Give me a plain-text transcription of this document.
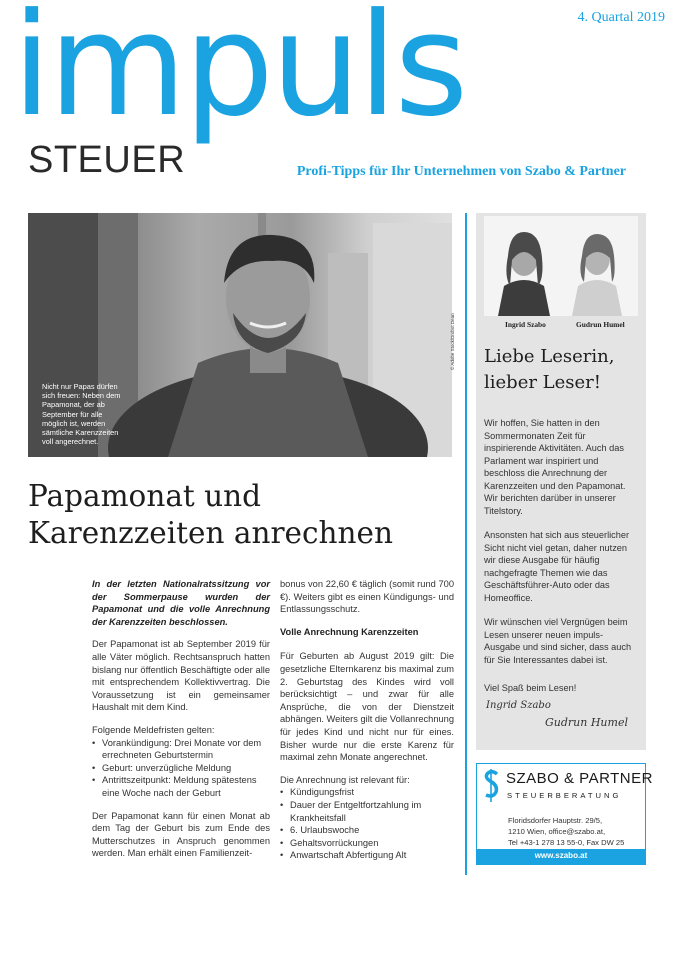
impuls
STEUER
4. Quartal 2019
Profi-Tipps für Ihr Unternehmen von Szabo & Partner
Nicht nur Papas dürfen sich freuen: Neben dem Papamonat, der ab September für alle möglich ist, werden sämtliche Karenzzeiten voll angerechnet.
© Adobe Stock/Drobot Dean
Papamonat und
Karenzzeiten anrechnen

In der letzten Nationalratssitzung vor der Sommerpause wurden der Papamonat und die volle Anrechnung der Karenzzeiten beschlossen.

Der Papamonat ist ab September 2019 für alle Väter möglich. Rechtsanspruch hatten bislang nur öffentlich Beschäftigte oder alle mit entsprechendem Kollektivvertrag. Die Voraussetzung ist ein gemeinsamer Haushalt mit dem Kind.

Folgende Meldefristen gelten:
• Vorankündigung: Drei Monate vor dem errechneten Geburtstermin
• Geburt: unverzügliche Meldung
• Antrittszeitpunkt: Meldung spätestens eine Woche nach der Geburt

Der Papamonat kann für einen Monat ab dem Tag der Geburt bis zum Ende des Mutterschutzes in Anspruch genommen werden. Man erhält einen Familienzeit-

bonus von 22,60 € täglich (somit rund 700 €). Weiters gibt es einen Kündigungs- und Entlassungsschutz.

Volle Anrechnung Karenzzeiten

Für Geburten ab August 2019 gilt: Die gesetzliche Elternkarenz bis maximal zum 2. Geburtstag des Kindes wird voll berücksichtigt – und zwar für alle Ansprüche, die von der Dienstzeit abhängen. Weiters gilt die Vollanrechnung für jedes Kind und nicht nur für eines. Bisher wurde nur die erste Karenz für maximal zehn Monate angerechnet.

Die Anrechnung ist relevant für:
• Kündigungsfrist
• Dauer der Entgeltfortzahlung im Krankheitsfall
• 6. Urlaubswoche
• Gehaltsvorrückungen
• Anwartschaft Abfertigung Alt
Ingrid Szabo	Gudrun Humel
Liebe Leserin,
lieber Leser!

Wir hoffen, Sie hatten in den Sommermonaten Zeit für inspirierende Aktivitäten. Auch das Parlament war inspiriert und beschloss die Anrechnung der Karenzzeiten und den Papamonat. Wir berichten darüber in unserer Titelstory.

Ansonsten hat sich aus steuerlicher Sicht nicht viel getan, daher nutzen wir diese Ausgabe für häufig nachgefragte Themen wie das Geschäftsführer-Auto oder das Homeoffice.

Wir wünschen viel Vergnügen beim Lesen unserer neuen impuls-Ausgabe und sind sicher, dass auch für Sie Interessantes dabei ist.

Viel Spaß beim Lesen!
Ingrid Szabo
Gudrun Humel
SZABO & PARTNER
STEUERBERATUNG
Floridsdorfer Hauptstr. 29/5,
1210 Wien, office@szabo.at,
Tel +43-1 278 13 55-0, Fax DW 25
www.szabo.at
